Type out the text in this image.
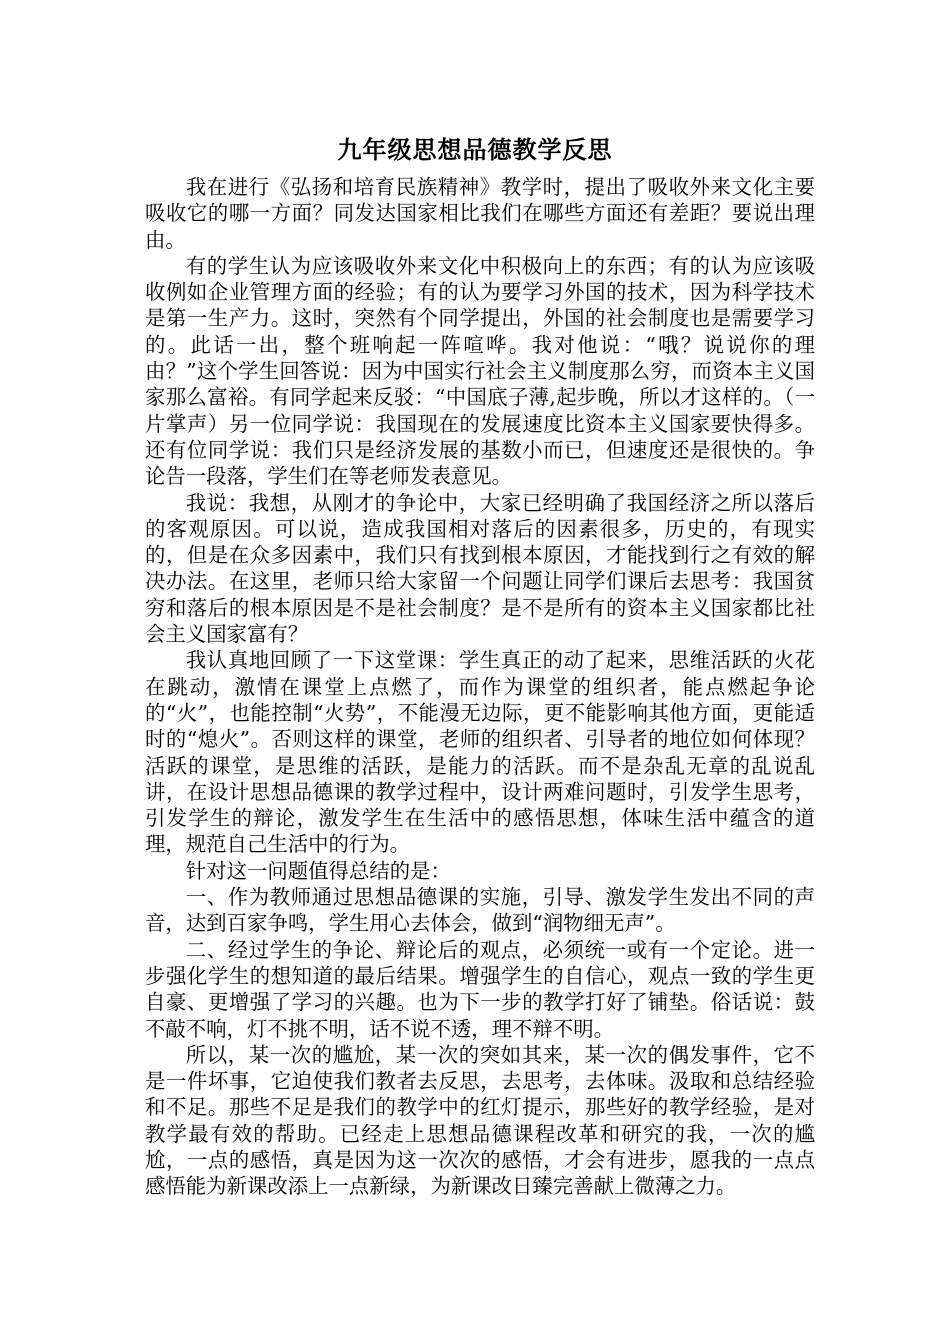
九年级思想品德教学反思

我在进行《弘扬和培育民族精神》教学时，提出了吸收外来文化主要吸收它的哪一方面？同发达国家相比我们在哪些方面还有差距？要说出理由。

有的学生认为应该吸收外来文化中积极向上的东西；有的认为应该吸收例如企业管理方面的经验；有的认为要学习外国的技术，因为科学技术是第一生产力。这时，突然有个同学提出，外国的社会制度也是需要学习的。此话一出，整个班响起一阵喧哗。我对他说：“哦？说说你的理由？”这个学生回答说：因为中国实行社会主义制度那么穷，而资本主义国家那么富裕。有同学起来反驳：“中国底子薄,起步晚，所以才这样的。（一片掌声）另一位同学说：我国现在的发展速度比资本主义国家要快得多。还有位同学说：我们只是经济发展的基数小而已，但速度还是很快的。争论告一段落，学生们在等老师发表意见。

我说：我想，从刚才的争论中，大家已经明确了我国经济之所以落后的客观原因。可以说，造成我国相对落后的因素很多，历史的，有现实的，但是在众多因素中，我们只有找到根本原因，才能找到行之有效的解决办法。在这里，老师只给大家留一个问题让同学们课后去思考：我国贫穷和落后的根本原因是不是社会制度？是不是所有的资本主义国家都比社会主义国家富有？

我认真地回顾了一下这堂课：学生真正的动了起来，思维活跃的火花在跳动，激情在课堂上点燃了，而作为课堂的组织者，能点燃起争论的“火”，也能控制“火势”，不能漫无边际，更不能影响其他方面，更能适时的“熄火”。否则这样的课堂，老师的组织者、引导者的地位如何体现？活跃的课堂，是思维的活跃，是能力的活跃。而不是杂乱无章的乱说乱讲，在设计思想品德课的教学过程中，设计两难问题时，引发学生思考，引发学生的辩论，激发学生在生活中的感悟思想，体味生活中蕴含的道理，规范自己生活中的行为。

针对这一问题值得总结的是：

一、作为教师通过思想品德课的实施，引导、激发学生发出不同的声音，达到百家争鸣，学生用心去体会，做到“润物细无声”。

二、经过学生的争论、辩论后的观点，必须统一或有一个定论。进一步强化学生的想知道的最后结果。增强学生的自信心，观点一致的学生更自豪、更增强了学习的兴趣。也为下一步的教学打好了铺垫。俗话说：鼓不敲不响，灯不挑不明，话不说不透，理不辩不明。

所以，某一次的尴尬，某一次的突如其来，某一次的偶发事件，它不是一件坏事，它迫使我们教者去反思，去思考，去体味。汲取和总结经验和不足。那些不足是我们的教学中的红灯提示，那些好的教学经验，是对教学最有效的帮助。已经走上思想品德课程改革和研究的我，一次的尴尬，一点的感悟，真是因为这一次次的感悟，才会有进步，愿我的一点点感悟能为新课改添上一点新绿，为新课改日臻完善献上微薄之力。
